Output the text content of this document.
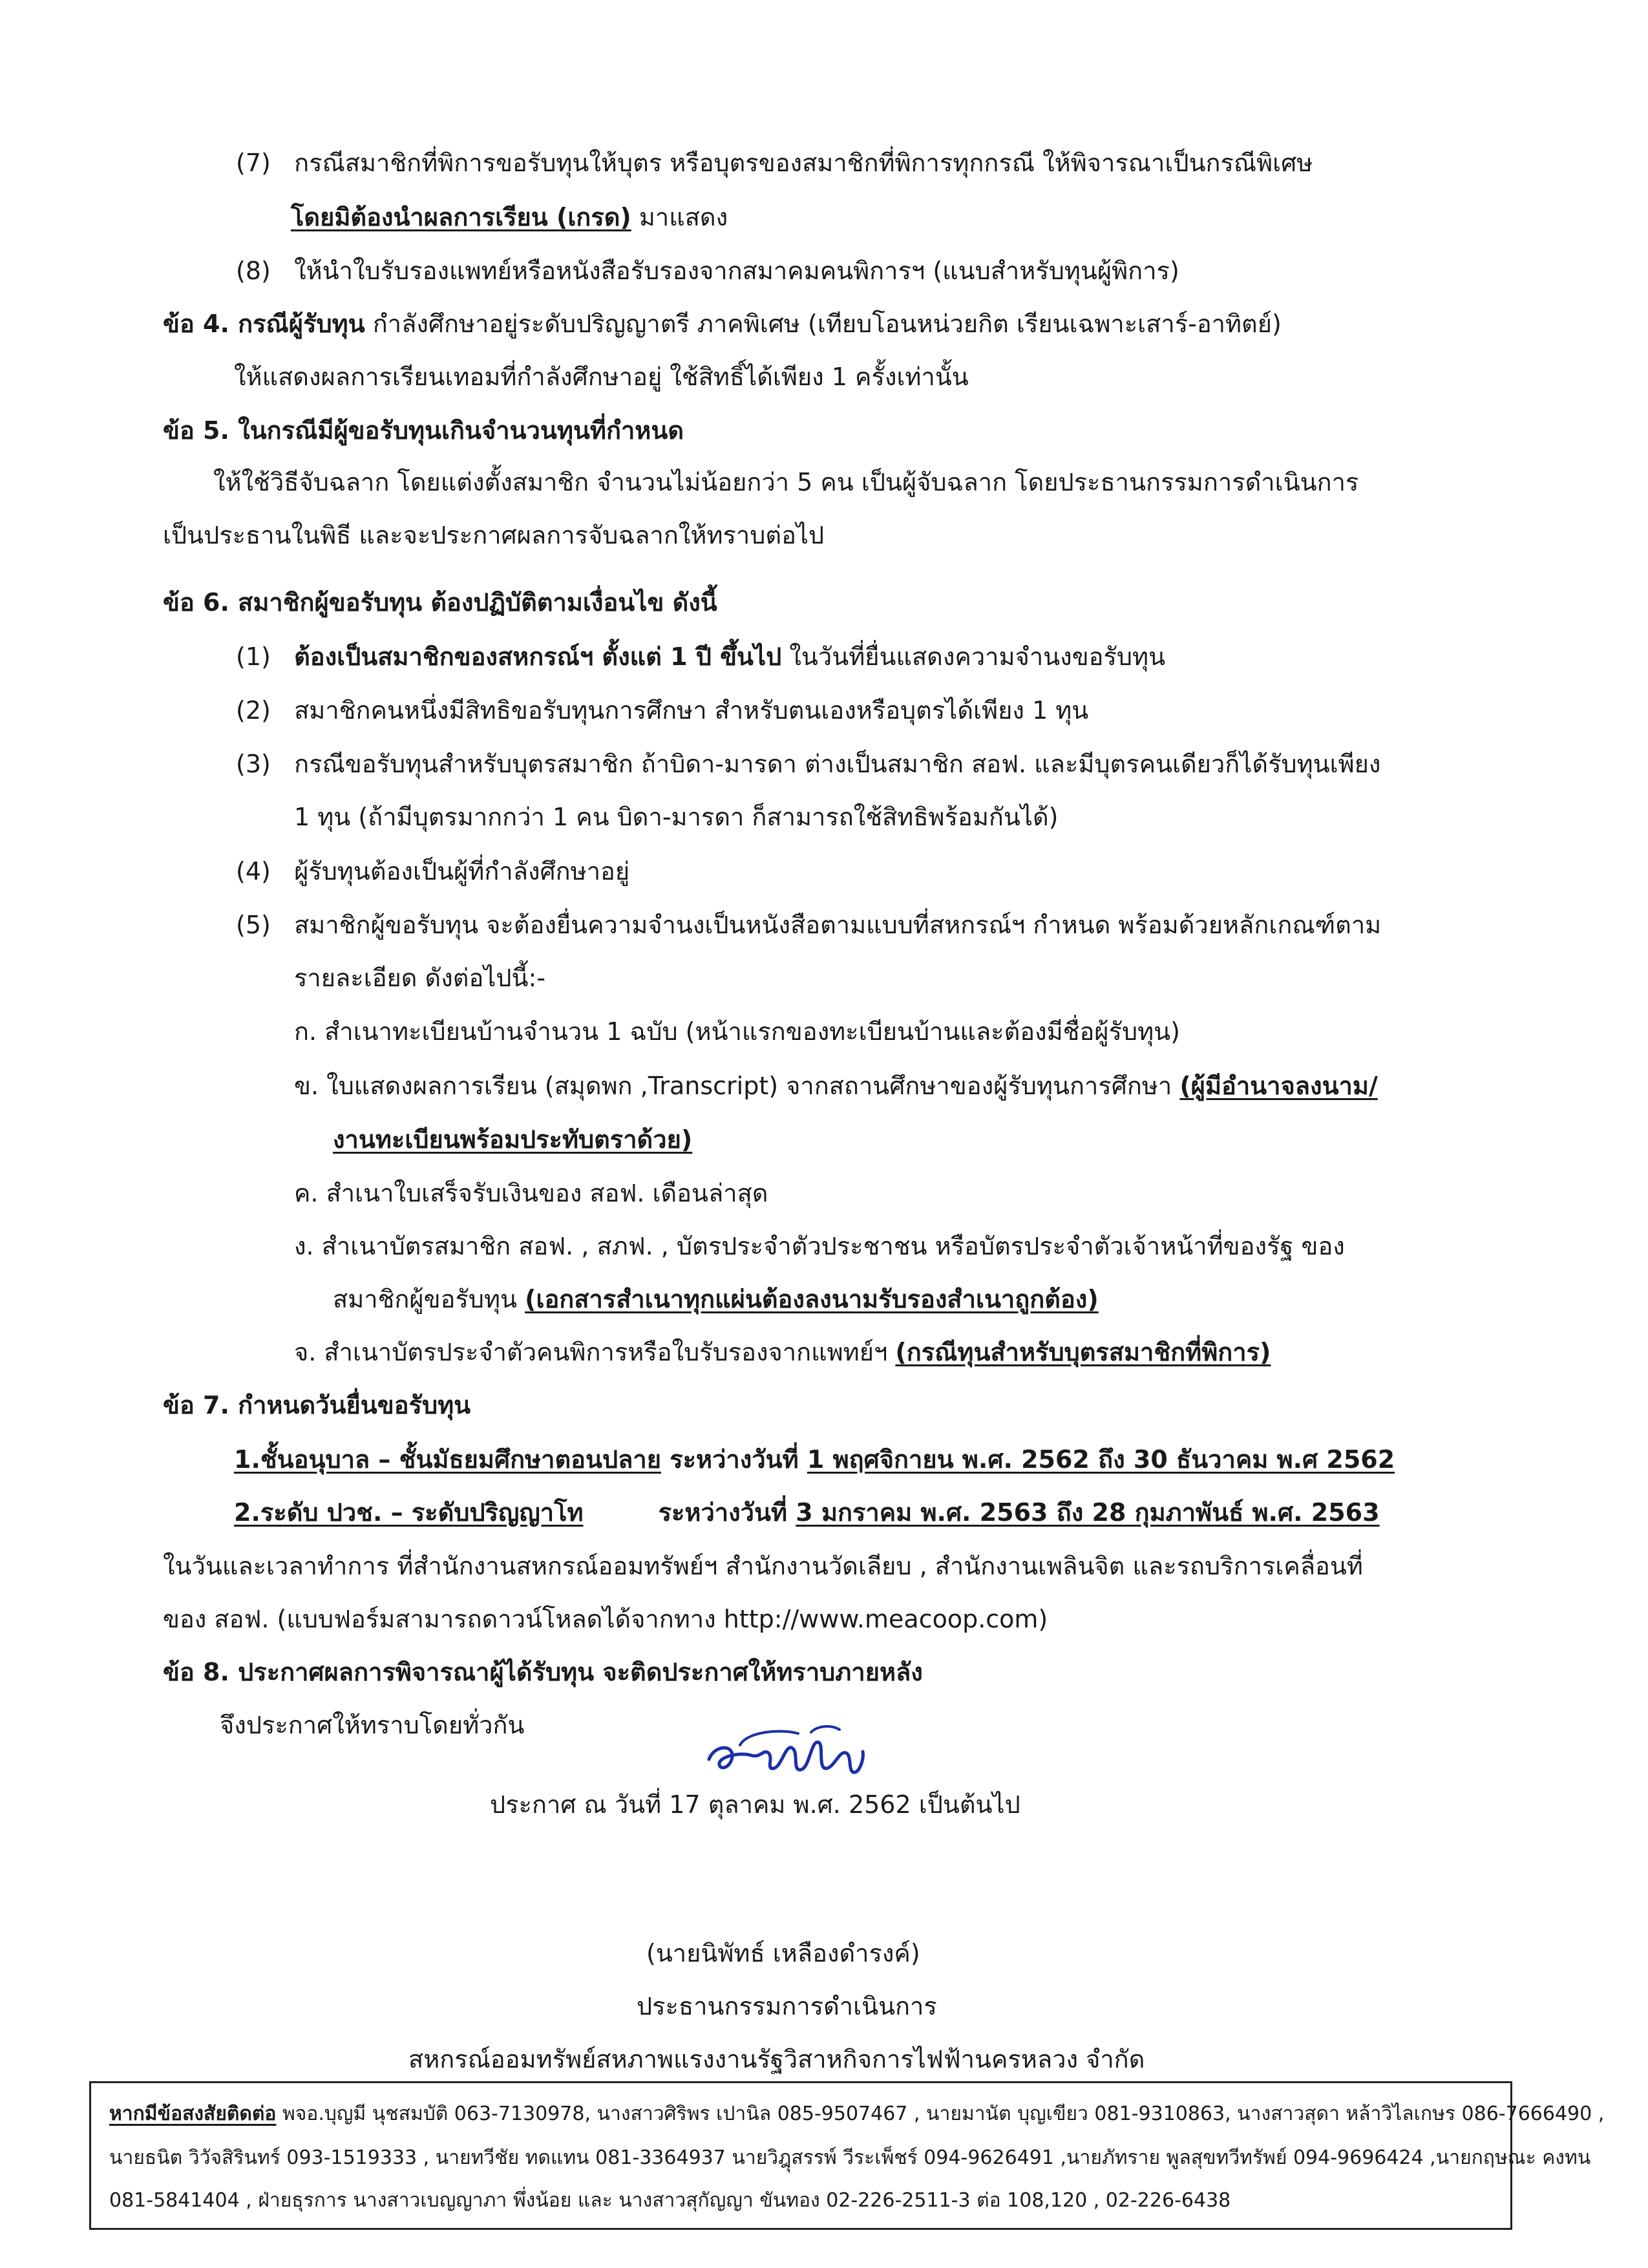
(7) กรณีสมาชิกที่พิการขอรับทุนให้บุตร หรือบุตรของสมาชิกที่พิการทุกกรณี ให้พิจารณาเป็นกรณีพิเศษ
โดยมิต้องนำผลการเรียน (เกรด) มาแสดง
(8) ให้นำใบรับรองแพทย์หรือหนังสือรับรองจากสมาคมคนพิการฯ (แนบสำหรับทุนผู้พิการ)
ข้อ 4. กรณีผู้รับทุน กำลังศึกษาอยู่ระดับปริญญาตรี ภาคพิเศษ (เทียบโอนหน่วยกิต เรียนเฉพาะเสาร์-อาทิตย์)
ให้แสดงผลการเรียนเทอมที่กำลังศึกษาอยู่ ใช้สิทธิ์ได้เพียง 1 ครั้งเท่านั้น
ข้อ 5. ในกรณีมีผู้ขอรับทุนเกินจำนวนทุนที่กำหนด
ให้ใช้วิธีจับฉลาก โดยแต่งตั้งสมาชิก จำนวนไม่น้อยกว่า 5 คน เป็นผู้จับฉลาก โดยประธานกรรมการดำเนินการ
เป็นประธานในพิธี และจะประกาศผลการจับฉลากให้ทราบต่อไป
ข้อ 6. สมาชิกผู้ขอรับทุน ต้องปฏิบัติตามเงื่อนไข ดังนี้
(1) ต้องเป็นสมาชิกของสหกรณ์ฯ ตั้งแต่ 1 ปี ขึ้นไป ในวันที่ยื่นแสดงความจำนงขอรับทุน
(2) สมาชิกคนหนึ่งมีสิทธิขอรับทุนการศึกษา สำหรับตนเองหรือบุตรได้เพียง 1 ทุน
(3) กรณีขอรับทุนสำหรับบุตรสมาชิก ถ้าบิดา-มารดา ต่างเป็นสมาชิก สอฟ. และมีบุตรคนเดียวก็ได้รับทุนเพียง
1 ทุน (ถ้ามีบุตรมากกว่า 1 คน บิดา-มารดา ก็สามารถใช้สิทธิพร้อมกันได้)
(4) ผู้รับทุนต้องเป็นผู้ที่กำลังศึกษาอยู่
(5) สมาชิกผู้ขอรับทุน จะต้องยื่นความจำนงเป็นหนังสือตามแบบที่สหกรณ์ฯ กำหนด พร้อมด้วยหลักเกณฑ์ตาม
รายละเอียด ดังต่อไปนี้:-
ก. สำเนาทะเบียนบ้านจำนวน 1 ฉบับ (หน้าแรกของทะเบียนบ้านและต้องมีชื่อผู้รับทุน)
ข. ใบแสดงผลการเรียน (สมุดพก ,Transcript) จากสถานศึกษาของผู้รับทุนการศึกษา (ผู้มีอำนาจลงนาม/
งานทะเบียนพร้อมประทับตราด้วย)
ค. สำเนาใบเสร็จรับเงินของ สอฟ. เดือนล่าสุด
ง. สำเนาบัตรสมาชิก สอฟ. , สภฟ. , บัตรประจำตัวประชาชน หรือบัตรประจำตัวเจ้าหน้าที่ของรัฐ ของ
สมาชิกผู้ขอรับทุน (เอกสารสำเนาทุกแผ่นต้องลงนามรับรองสำเนาถูกต้อง)
จ. สำเนาบัตรประจำตัวคนพิการหรือใบรับรองจากแพทย์ฯ (กรณีทุนสำหรับบุตรสมาชิกที่พิการ)
ข้อ 7. กำหนดวันยื่นขอรับทุน
1.ชั้นอนุบาล – ชั้นมัธยมศึกษาตอนปลาย ระหว่างวันที่ 1 พฤศจิกายน พ.ศ. 2562 ถึง 30 ธันวาคม พ.ศ 2562
2.ระดับ ปวช. – ระดับปริญญาโท	ระหว่างวันที่ 3 มกราคม พ.ศ. 2563 ถึง 28 กุมภาพันธ์ พ.ศ. 2563
ในวันและเวลาทำการ ที่สำนักงานสหกรณ์ออมทรัพย์ฯ สำนักงานวัดเลียบ , สำนักงานเพลินจิต และรถบริการเคลื่อนที่
ของ สอฟ. (แบบฟอร์มสามารถดาวน์โหลดได้จากทาง http://www.meacoop.com)
ข้อ 8. ประกาศผลการพิจารณาผู้ได้รับทุน จะติดประกาศให้ทราบภายหลัง
จึงประกาศให้ทราบโดยทั่วกัน
ประกาศ ณ วันที่ 17 ตุลาคม พ.ศ. 2562 เป็นต้นไป
(นายนิพัทธ์ เหลืองดำรงค์)
ประธานกรรมการดำเนินการ
สหกรณ์ออมทรัพย์สหภาพแรงงานรัฐวิสาหกิจการไฟฟ้านครหลวง จำกัด
หากมีข้อสงสัยติดต่อ พจอ.บุญมี นุชสมบัติ 063-7130978, นางสาวศิริพร เปานิล 085-9507467 , นายมานัต บุญเขียว 081-9310863, นางสาวสุดา หล้าวิไลเกษร 086-7666490 ,
นายธนิต วิวัจสิรินทร์ 093-1519333 , นายทวีชัย ทดแทน 081-3364937 นายวิฎุสรรพ์ วีระเพ็ชร์ 094-9626491 ,นายภัทราย พูลสุขทวีทรัพย์ 094-9696424 ,นายกฤษณะ คงทน
081-5841404 , ฝ่ายธุรการ นางสาวเบญญาภา พึ่งน้อย และ นางสาวสุกัญญา ขันทอง 02-226-2511-3 ต่อ 108,120 , 02-226-6438
